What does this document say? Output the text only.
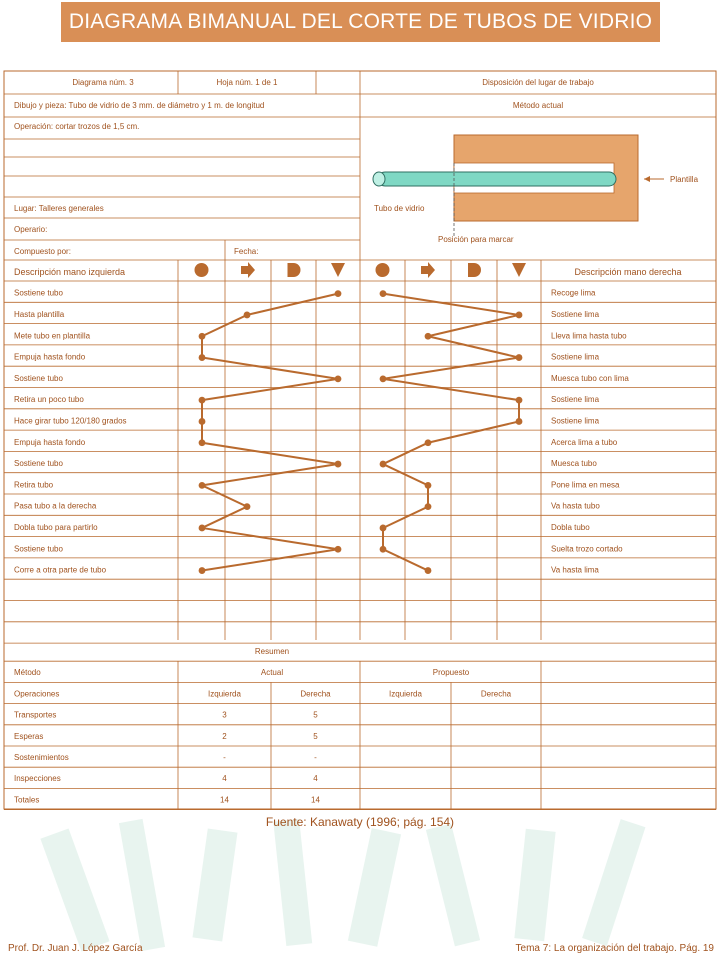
DIAGRAMA BIMANUAL DEL CORTE DE TUBOS DE VIDRIO
Diagrama núm. 3	Hoja núm. 1 de 1	Disposición del lugar de trabajo
Dibujo y pieza: Tubo de vidrio de 3 mm. de diámetro y 1 m. de longitud	Método actual
Operación: cortar trozos de 1,5 cm.
Lugar: Talleres generales
Operario:
Compuesto por:	Fecha:
Plantilla
Tubo de vidrio
Posición para marcar
Descripción mano izquierda	Descripción mano derecha
Sostiene tubo	Recoge lima
Hasta plantilla	Sostiene lima
Mete tubo en plantilla	Lleva lima hasta tubo
Empuja hasta fondo	Sostiene lima
Sostiene tubo	Muesca tubo con lima
Retira un poco tubo	Sostiene lima
Hace girar tubo 120/180 grados	Sostiene lima
Empuja hasta fondo	Acerca lima a tubo
Sostiene tubo	Muesca tubo
Retira tubo	Pone lima en mesa
Pasa tubo a la derecha	Va hasta tubo
Dobla tubo para partirlo	Dobla tubo
Sostiene tubo	Suelta trozo cortado
Corre a otra parte de tubo	Va hasta lima
Resumen
Método	Actual	Propuesto
Operaciones	Izquierda	Derecha	Izquierda	Derecha
Transportes	3	5
Esperas	2	5
Sostenimientos	-	-
Inspecciones	4	4
Totales	14	14
Fuente: Kanawaty (1996; pág. 154)
Prof. Dr. Juan J. López García	Tema 7: La organización del trabajo. Pág. 19
